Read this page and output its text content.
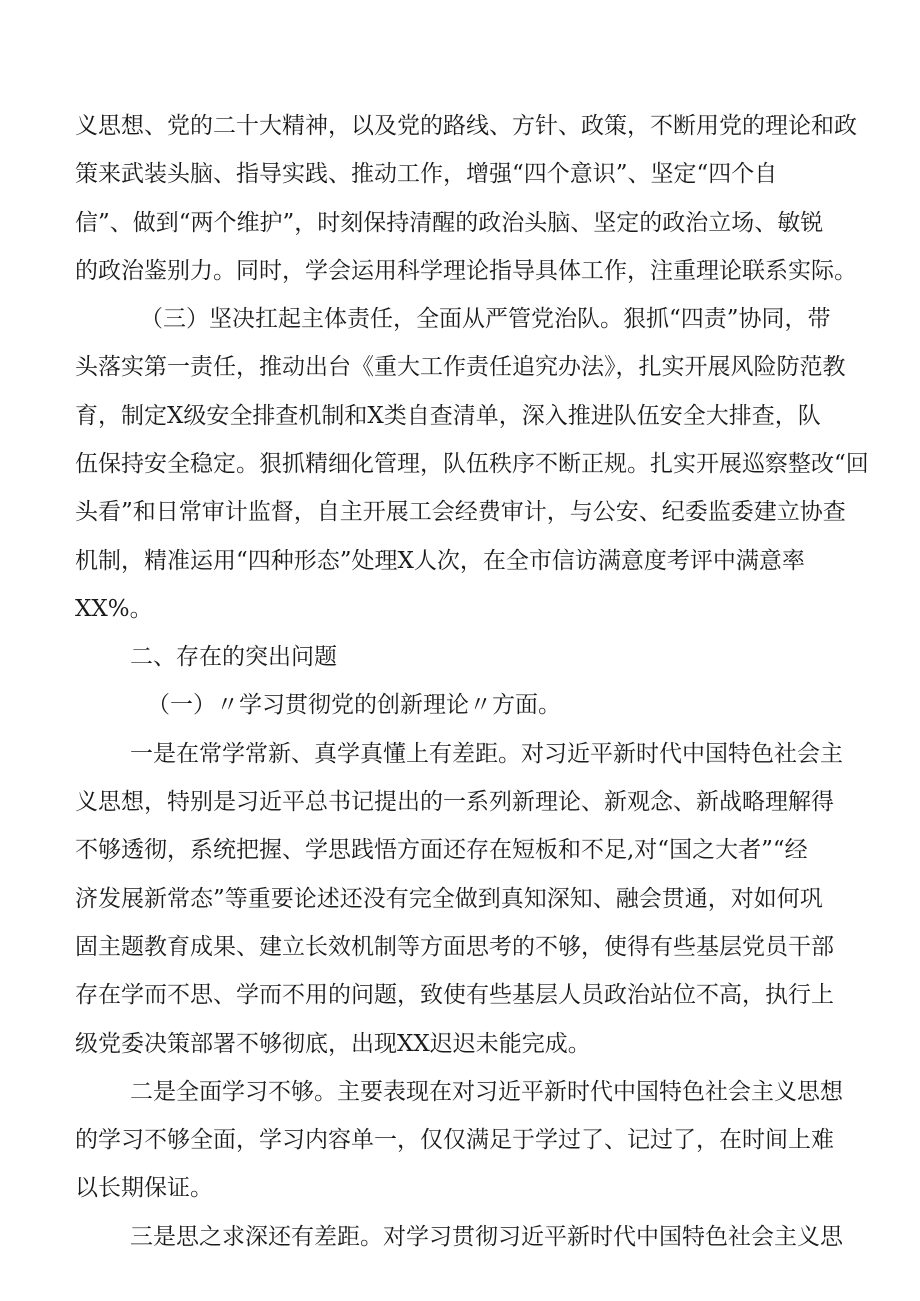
义思想、党的二十大精神，以及党的路线、方针、政策，不断用党的理论和政
策来武装头脑、指导实践、推动工作，增强“四个意识”、坚定“四个自
信”、做到“两个维护”，时刻保持清醒的政治头脑、坚定的政治立场、敏锐
的政治鉴别力。同时，学会运用科学理论指导具体工作，注重理论联系实际。
（三）坚决扛起主体责任，全面从严管党治队。狠抓“四责”协同，带
头落实第一责任，推动出台《重大工作责任追究办法》，扎实开展风险防范教
育，制定X级安全排查机制和X类自查清单，深入推进队伍安全大排查，队
伍保持安全稳定。狠抓精细化管理，队伍秩序不断正规。扎实开展巡察整改“回
头看”和日常审计监督，自主开展工会经费审计，与公安、纪委监委建立协查
机制，精准运用“四种形态”处理X人次，在全市信访满意度考评中满意率
XX%。
二、存在的突出问题
（一）〃学习贯彻党的创新理论〃方面。
一是在常学常新、真学真懂上有差距。对习近平新时代中国特色社会主
义思想，特别是习近平总书记提出的一系列新理论、新观念、新战略理解得
不够透彻，系统把握、学思践悟方面还存在短板和不足,对“国之大者”“经
济发展新常态”等重要论述还没有完全做到真知深知、融会贯通，对如何巩
固主题教育成果、建立长效机制等方面思考的不够，使得有些基层党员干部
存在学而不思、学而不用的问题，致使有些基层人员政治站位不高，执行上
级党委决策部署不够彻底，出现XX迟迟未能完成。
二是全面学习不够。主要表现在对习近平新时代中国特色社会主义思想
的学习不够全面，学习内容单一，仅仅满足于学过了、记过了，在时间上难
以长期保证。
三是思之求深还有差距。对学习贯彻习近平新时代中国特色社会主义思
